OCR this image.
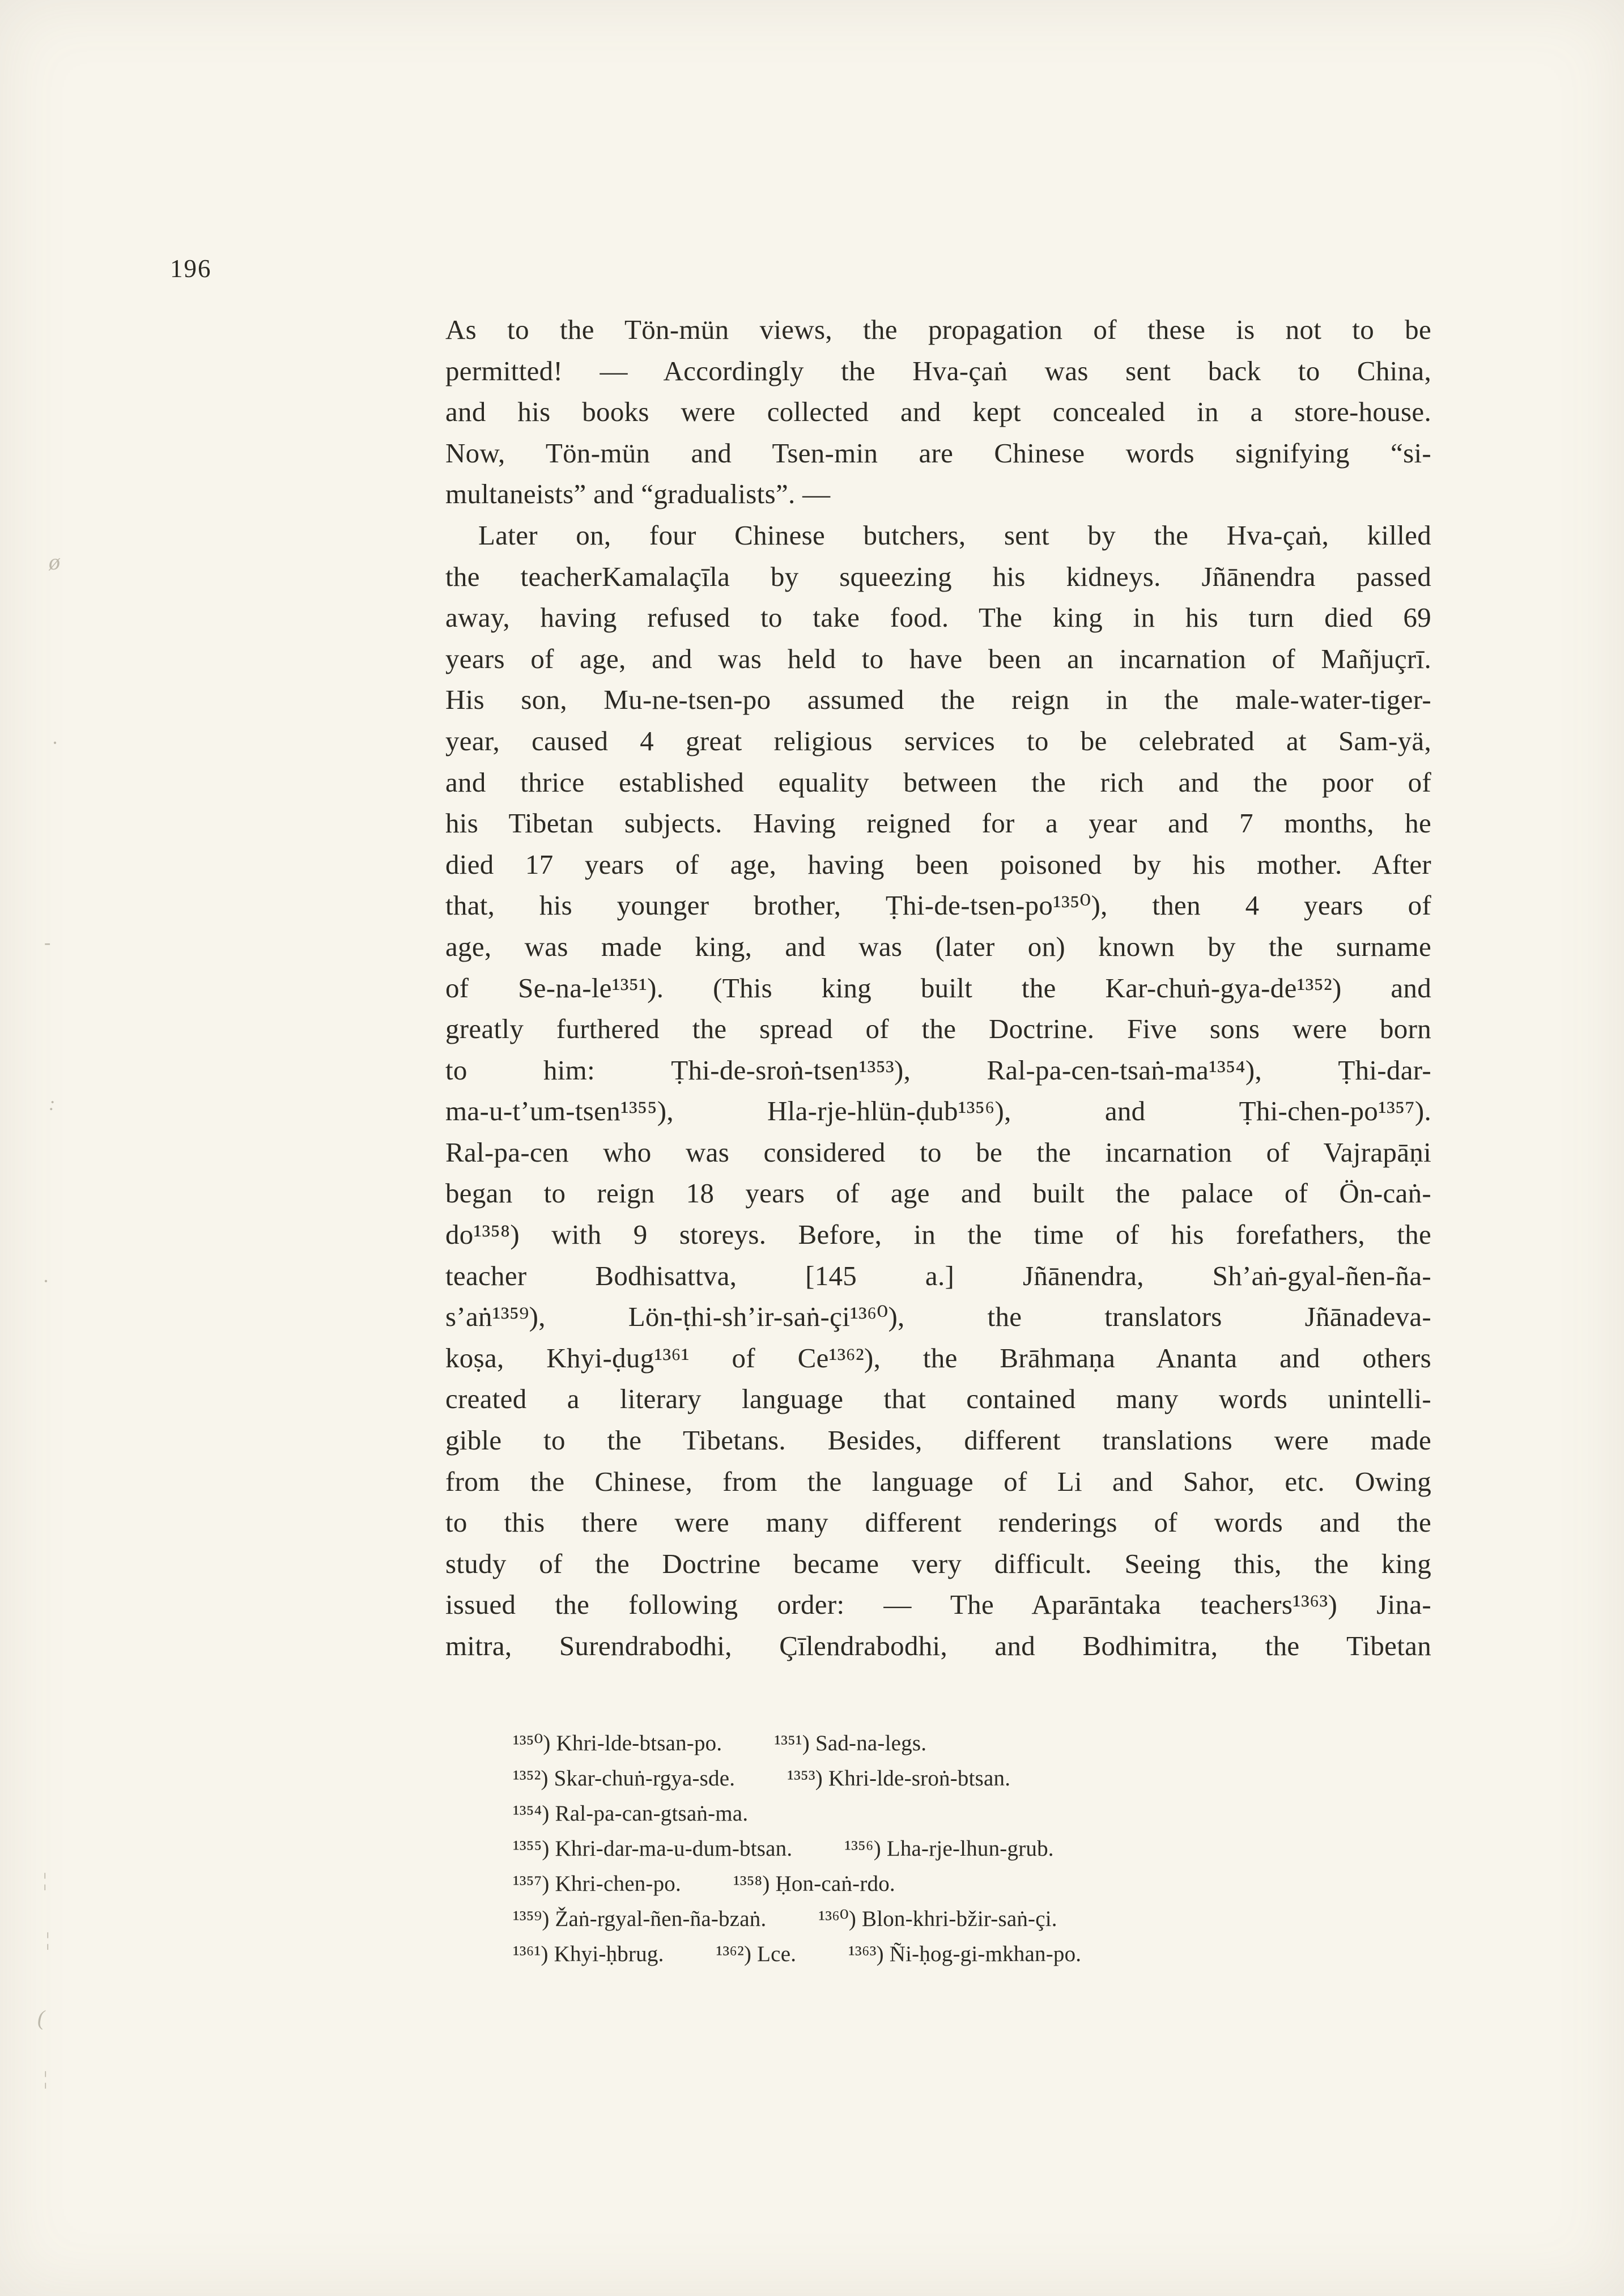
196
As to the Tön-mün views, the propagation of these is not to be
permitted! — Accordingly the Hva-çaṅ was sent back to China,
and his books were collected and kept concealed in a store-house.
Now, Tön-mün and Tsen-min are Chinese words signifying “si-
multaneists” and “gradualists”. —
Later on, four Chinese butchers, sent by the Hva-çaṅ, killed
the teacherKamalaçīla by squeezing his kidneys. Jñānendra passed
away, having refused to take food. The king in his turn died 69
years of age, and was held to have been an incarnation of Mañjuçrī.
His son, Mu-ne-tsen-po assumed the reign in the male-water-tiger-
year, caused 4 great religious services to be celebrated at Sam-yä,
and thrice established equality between the rich and the poor of
his Tibetan subjects. Having reigned for a year and 7 months, he
died 17 years of age, having been poisoned by his mother. After
that, his younger brother, Ṭhi-de-tsen-po¹³⁵⁰), then 4 years of
age, was made king, and was (later on) known by the surname
of Se-na-le¹³⁵¹). (This king built the Kar-chuṅ-gya-de¹³⁵²) and
greatly furthered the spread of the Doctrine. Five sons were born
to him: Ṭhi-de-sroṅ-tsen¹³⁵³), Ral-pa-cen-tsaṅ-ma¹³⁵⁴), Ṭhi-dar-
ma-u-t’um-tsen¹³⁵⁵), Hla-rje-hlün-ḍub¹³⁵⁶), and Ṭhi-chen-po¹³⁵⁷).
Ral-pa-cen who was considered to be the incarnation of Vajrapāṇi
began to reign 18 years of age and built the palace of Ön-caṅ-
do¹³⁵⁸) with 9 storeys. Before, in the time of his forefathers, the
teacher Bodhisattva, [145 a.] Jñānendra, Sh’aṅ-gyal-ñen-ña-
s’aṅ¹³⁵⁹), Lön-ṭhi-sh’ir-saṅ-çi¹³⁶⁰), the translators Jñānadeva-
koṣa, Khyi-ḍug¹³⁶¹ of Ce¹³⁶²), the Brāhmaṇa Ananta and others
created a literary language that contained many words unintelli-
gible to the Tibetans. Besides, different translations were made
from the Chinese, from the language of Li and Sahor, etc. Owing
to this there were many different renderings of words and the
study of the Doctrine became very difficult. Seeing this, the king
issued the following order: — The Aparāntaka teachers¹³⁶³) Jina-
mitra, Surendrabodhi, Çīlendrabodhi, and Bodhimitra, the Tibetan
¹³⁵⁰) Khri-lde-btsan-po. ¹³⁵¹) Sad-na-legs.
¹³⁵²) Skar-chuṅ-rgya-sde. ¹³⁵³) Khri-lde-sroṅ-btsan.
¹³⁵⁴) Ral-pa-can-gtsaṅ-ma.
¹³⁵⁵) Khri-dar-ma-u-dum-btsan. ¹³⁵⁶) Lha-rje-lhun-grub.
¹³⁵⁷) Khri-chen-po. ¹³⁵⁸) Ḥon-caṅ-rdo.
¹³⁵⁹) Žaṅ-rgyal-ñen-ña-bzaṅ. ¹³⁶⁰) Blon-khri-bžir-saṅ-çi.
¹³⁶¹) Khyi-ḥbrug. ¹³⁶²) Lce. ¹³⁶³) Ñi-ḥog-gi-mkhan-po.
ø
·
-
:
·
¦
¦
(
¦
